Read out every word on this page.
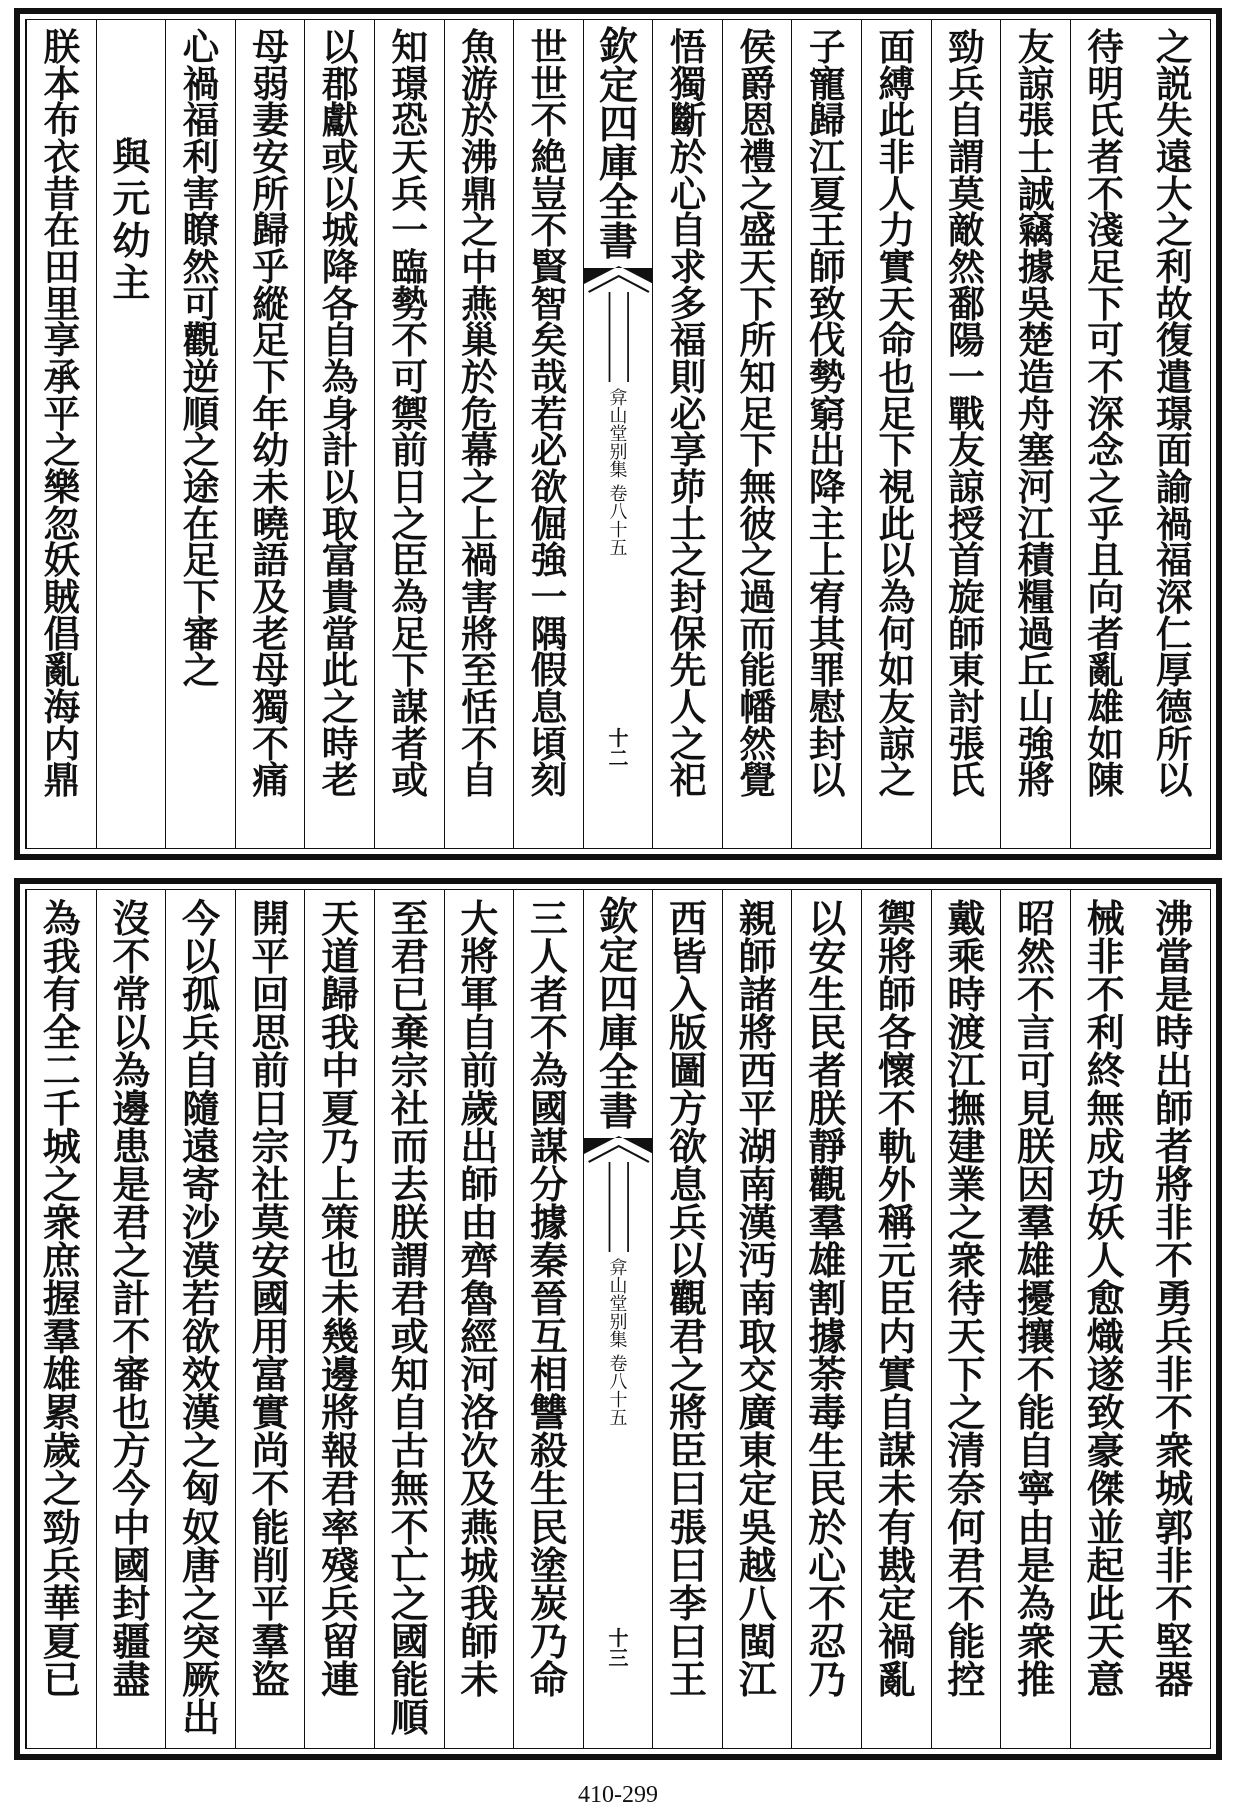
之
説
失
遠
大
之
利
故
復
遣
璟
面
諭
禍
福
深
仁
厚
德
所
以
待
明
氏
者
不
淺
足
下
可
不
深
念
之
乎
且
向
者
亂
雄
如
陳
友
諒
張
士
誠
竊
據
吳
楚
造
舟
塞
河
江
積
糧
過
丘
山
強
將
勁
兵
自
謂
莫
敵
然
鄱
陽
一
戰
友
諒
授
首
旋
師
東
討
張
氏
面
縛
此
非
人
力
實
天
命
也
足
下
視
此
以
為
何
如
友
諒
之
子
寵
歸
江
夏
王
師
致
伐
勢
窮
出
降
主
上
宥
其
罪
慰
封
以
侯
爵
恩
禮
之
盛
天
下
所
知
足
下
無
彼
之
過
而
能
幡
然
覺
悟
獨
斷
於
心
自
求
多
福
則
必
享
茆
土
之
封
保
先
人
之
祀
欽
定
四
庫
全
書
弇
山
堂
别
集
卷
八
十
五
十
二
世
世
不
絶
豈
不
賢
智
矣
哉
若
必
欲
倔
強
一
隅
假
息
頃
刻
魚
游
於
沸
鼎
之
中
燕
巢
於
危
幕
之
上
禍
害
將
至
恬
不
自
知
璟
恐
天
兵
一
臨
勢
不
可
禦
前
日
之
臣
為
足
下
謀
者
或
以
郡
獻
或
以
城
降
各
自
為
身
計
以
取
富
貴
當
此
之
時
老
母
弱
妻
安
所
歸
乎
縱
足
下
年
幼
未
曉
語
及
老
母
獨
不
痛
心
禍
福
利
害
瞭
然
可
觀
逆
順
之
途
在
足
下
審
之
與
元
幼
主
朕
本
布
衣
昔
在
田
里
享
承
平
之
樂
忽
妖
賊
倡
亂
海
内
鼎
沸
當
是
時
出
師
者
將
非
不
勇
兵
非
不
衆
城
郭
非
不
堅
器
械
非
不
利
終
無
成
功
妖
人
愈
熾
遂
致
豪
傑
並
起
此
天
意
昭
然
不
言
可
見
朕
因
羣
雄
擾
攘
不
能
自
寧
由
是
為
衆
推
戴
乘
時
渡
江
撫
建
業
之
衆
待
天
下
之
清
奈
何
君
不
能
控
禦
將
師
各
懷
不
軌
外
稱
元
臣
内
實
自
謀
未
有
戡
定
禍
亂
以
安
生
民
者
朕
靜
觀
羣
雄
割
據
荼
毒
生
民
於
心
不
忍
乃
親
師
諸
將
西
平
湖
南
漢
沔
南
取
交
廣
東
定
吳
越
八
閩
江
西
皆
入
版
圖
方
欲
息
兵
以
觀
君
之
將
臣
曰
張
曰
李
曰
王
欽
定
四
庫
全
書
弇
山
堂
别
集
卷
八
十
五
十
三
三
人
者
不
為
國
謀
分
據
秦
晉
互
相
讐
殺
生
民
塗
炭
乃
命
大
將
軍
自
前
歲
出
師
由
齊
魯
經
河
洛
次
及
燕
城
我
師
未
至
君
已
棄
宗
社
而
去
朕
謂
君
或
知
自
古
無
不
亡
之
國
能
順
天
道
歸
我
中
夏
乃
上
策
也
未
幾
邊
將
報
君
率
殘
兵
留
連
開
平
回
思
前
日
宗
社
莫
安
國
用
富
實
尚
不
能
削
平
羣
盜
今
以
孤
兵
自
隨
遠
寄
沙
漠
若
欲
效
漢
之
匈
奴
唐
之
突
厥
出
沒
不
常
以
為
邊
患
是
君
之
計
不
審
也
方
今
中
國
封
疆
盡
為
我
有
全
二
千
城
之
衆
庶
握
羣
雄
累
歲
之
勁
兵
華
夏
已
410-299
